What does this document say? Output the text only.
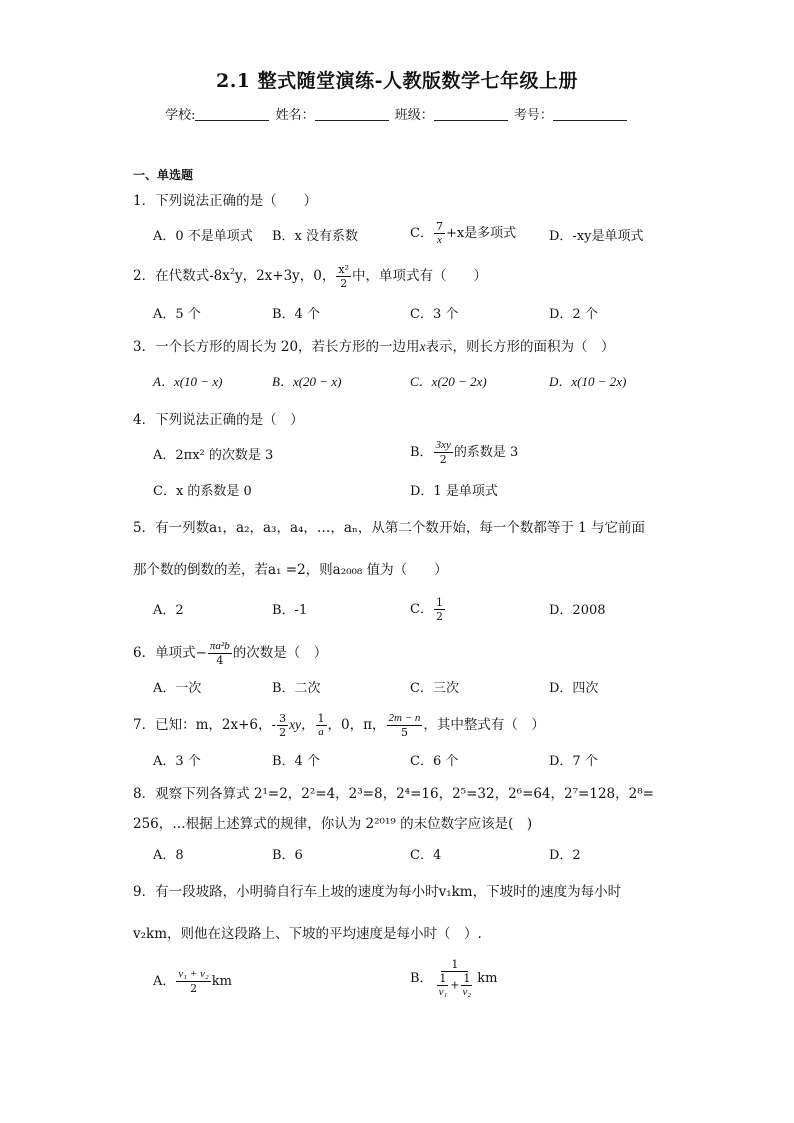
2.1 整式随堂演练-人教版数学七年级上册
学校:	姓名：	班级：	考号：
一、单选题
1．下列说法正确的是（　　）
A．0 不是单项式 B．x 没有系数	C． $\frac{7}{x} +x$是多项式	D．-xy是单项式
2．在代数式$-8x^2y$，2x+3y，0， $\frac{\text{x²}}{2}$ 中，单项式有（　　）
A．5 个	B．4 个	C．3 个	D．2 个
3．一个长方形的周长为 20，若长方形的一边用x表示，则长方形的面积为（　）
A．x(10 − x)	B．x(20 − x)	C．x(20 − 2x)	D．x(10 − 2x)
4．下列说法正确的是（　）
A．2πx² 的次数是 3	B． $\frac{3xy}{2}$ 的系数是 3
C．x 的系数是 0	D．1 是单项式
5．有一列数a₁，a₂，a₃，a₄，…，aₙ，从第二个数开始，每一个数都等于 1 与它前面
那个数的倒数的差，若a₁ =2，则a₂₀₀₈ 值为（　　）
A．2	B．-1	C． $\frac{1}{2}$	D．2008
6．单项式− $\frac{\text{πa²b}}{4}$ 的次数是（　）
A．一次	B．二次	C．三次	D．四次
7．已知：m，2x+6，- $\frac{3}{2}$ xy， $\frac{1}{a}$ ，0，π， $\frac{2m - n}{5}$ ，其中整式有（　）
A．3 个	B．4 个	C．6 个	D．7 个
8．观察下列各算式 2¹=2，2²=4，2³=8，2⁴=16，2⁵=32，2⁶=64，2⁷=128，2⁸=
256，…根据上述算式的规律，你认为 2²⁰¹⁹ 的末位数字应该是(　)
A．8	B．6	C．4	D．2
9．有一段坡路，小明骑自行车上坡的速度为每小时v₁km，下坡时的速度为每小时
v₂km，则他在这段路上、下坡的平均速度是每小时（　）.
A． $\frac{\text{v₁ + v₂}}{2}$ km	B． $\frac{1}{\frac{1}{\text{v₁}} + \frac{1}{\text{v₂}}}$ km
